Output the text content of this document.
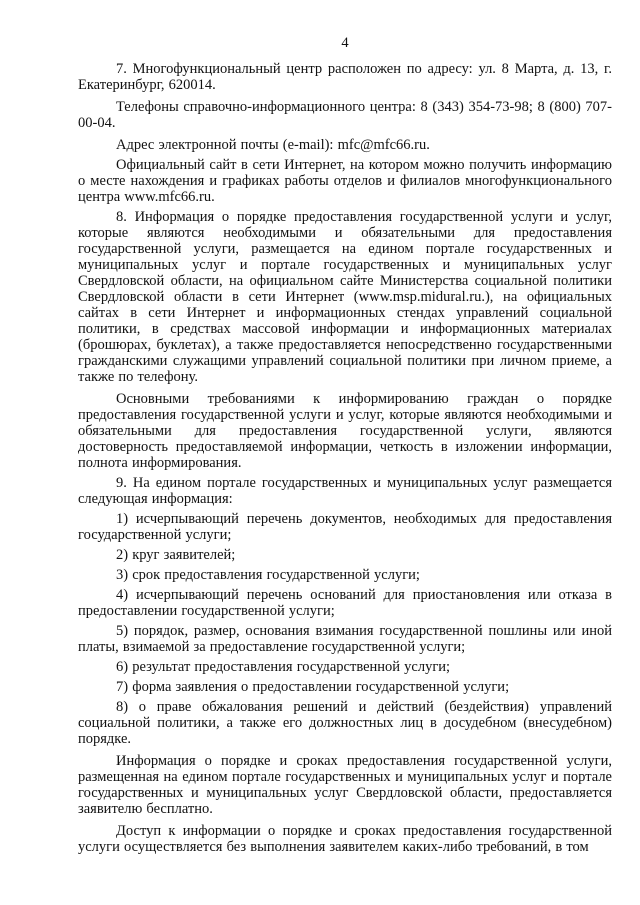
4

7. Многофункциональный центр расположен по адресу: ул. 8 Марта, д. 13, г. Екатеринбург, 620014.

Телефоны справочно-информационного центра: 8 (343) 354-73-98; 8 (800) 707-00-04.

Адрес электронной почты (e-mail): mfc@mfc66.ru.

Официальный сайт в сети Интернет, на котором можно получить информацию о месте нахождения и графиках работы отделов и филиалов многофункционального центра www.mfc66.ru.

8. Информация о порядке предоставления государственной услуги и услуг, которые являются необходимыми и обязательными для предоставления государственной услуги, размещается на едином портале государственных и муниципальных услуг и портале государственных и муниципальных услуг Свердловской области, на официальном сайте Министерства социальной политики Свердловской области в сети Интернет (www.msp.midural.ru.), на официальных сайтах в сети Интернет и информационных стендах управлений социальной политики, в средствах массовой информации и информационных материалах (брошюрах, буклетах), а также предоставляется непосредственно государственными гражданскими служащими управлений социальной политики при личном приеме, а также по телефону.

Основными требованиями к информированию граждан о порядке предоставления государственной услуги и услуг, которые являются необходимыми и обязательными для предоставления государственной услуги, являются достоверность предоставляемой информации, четкость в изложении информации, полнота информирования.

9. На едином портале государственных и муниципальных услуг размещается следующая информация:

1) исчерпывающий перечень документов, необходимых для предоставления государственной услуги;

2) круг заявителей;

3) срок предоставления государственной услуги;

4) исчерпывающий перечень оснований для приостановления или отказа в предоставлении государственной услуги;

5) порядок, размер, основания взимания государственной пошлины или иной платы, взимаемой за предоставление государственной услуги;

6) результат предоставления государственной услуги;

7) форма заявления о предоставлении государственной услуги;

8) о праве обжалования решений и действий (бездействия) управлений социальной политики, а также его должностных лиц в досудебном (внесудебном) порядке.

Информация о порядке и сроках предоставления государственной услуги, размещенная на едином портале государственных и муниципальных услуг и портале государственных и муниципальных услуг Свердловской области, предоставляется заявителю бесплатно.

Доступ к информации о порядке и сроках предоставления государственной услуги осуществляется без выполнения заявителем каких-либо требований, в том
